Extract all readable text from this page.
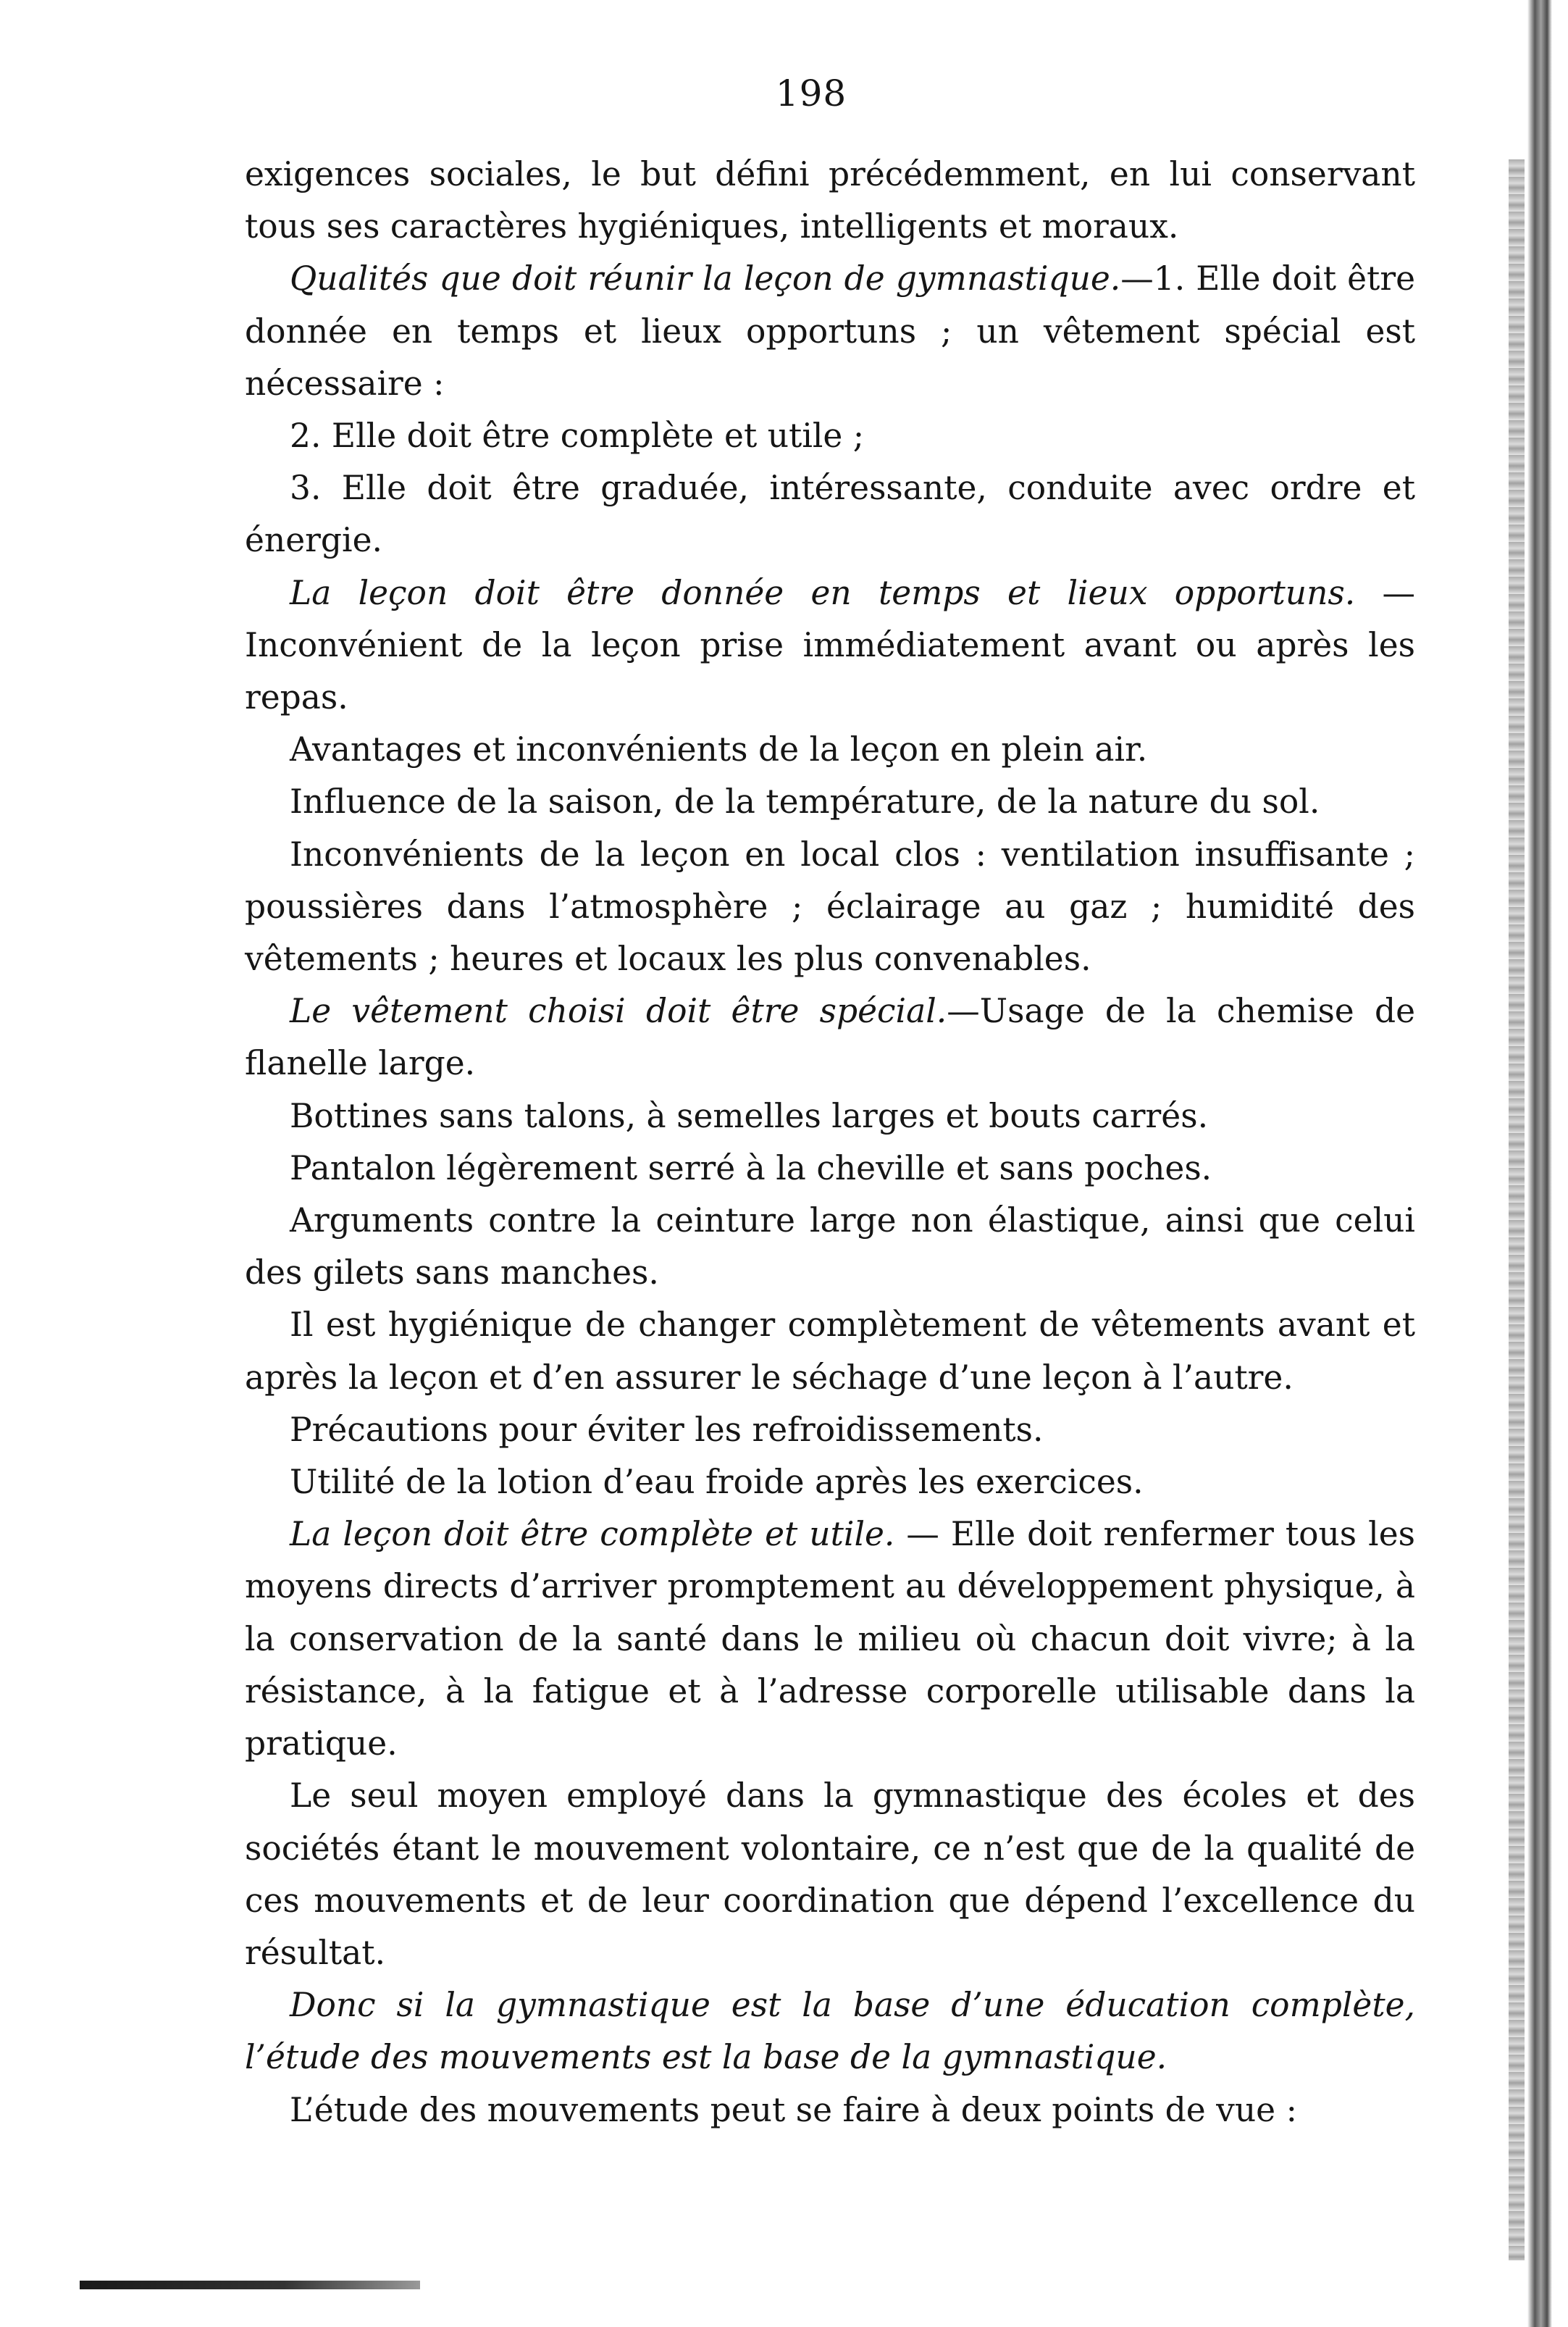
198

exigences sociales, le but défini précédemment, en lui conservant tous ses caractères hygiéniques, intelligents et moraux.

Qualités que doit réunir la leçon de gymnastique.—1. Elle doit être donnée en temps et lieux opportuns ; un vêtement spécial est nécessaire :

2. Elle doit être complète et utile ;

3. Elle doit être graduée, intéressante, conduite avec ordre et énergie.

La leçon doit être donnée en temps et lieux opportuns. — Inconvénient de la leçon prise immédiatement avant ou après les repas.

Avantages et inconvénients de la leçon en plein air.

Influence de la saison, de la température, de la nature du sol.

Inconvénients de la leçon en local clos : ventilation insuffisante ; poussières dans l’atmosphère ; éclairage au gaz ; humidité des vêtements ; heures et locaux les plus convenables.

Le vêtement choisi doit être spécial.—Usage de la chemise de flanelle large.

Bottines sans talons, à semelles larges et bouts carrés.

Pantalon légèrement serré à la cheville et sans poches.

Arguments contre la ceinture large non élastique, ainsi que celui des gilets sans manches.

Il est hygiénique de changer complètement de vêtements avant et après la leçon et d’en assurer le séchage d’une leçon à l’autre.

Précautions pour éviter les refroidissements.

Utilité de la lotion d’eau froide après les exercices.

La leçon doit être complète et utile. — Elle doit renfermer tous les moyens directs d’arriver promptement au développement physique, à la conservation de la santé dans le milieu où chacun doit vivre; à la résistance, à la fatigue et à l’adresse corporelle utilisable dans la pratique.

Le seul moyen employé dans la gymnastique des écoles et des sociétés étant le mouvement volontaire, ce n’est que de la qualité de ces mouvements et de leur coordination que dépend l’excellence du résultat.

Donc si la gymnastique est la base d’une éducation complète, l’étude des mouvements est la base de la gymnastique.

L’étude des mouvements peut se faire à deux points de vue :
